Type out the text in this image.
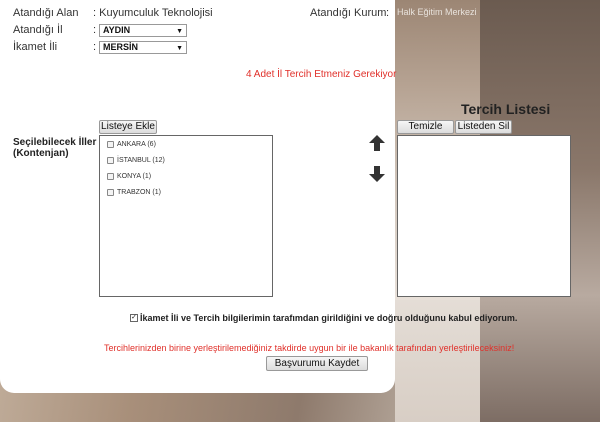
Atandığı Alan : Kuyumculuk Teknolojisi	Atandığı Kurum : Halk Eğitim Merkezi
Atandığı İl	: AYDIN	▼
İkamet İli	: MERSİN	▼
4 Adet İl Tercih Etmeniz Gerekiyor
Tercih Listesi
Seçilebilecek İller
(Kontenjan)
Listeye Ekle
ANKARA (6)
İSTANBUL (12)
KONYA (1)
TRABZON (1)
Temizle	Listeden Sil
✓ İkamet İli ve Tercih bilgilerimin tarafımdan girildiğini ve doğru olduğunu kabul ediyorum.
Tercihlerinizden birine yerleştirilemediğiniz takdirde uygun bir ile bakanlık tarafından yerleştirileceksiniz!
Başvurumu Kaydet
